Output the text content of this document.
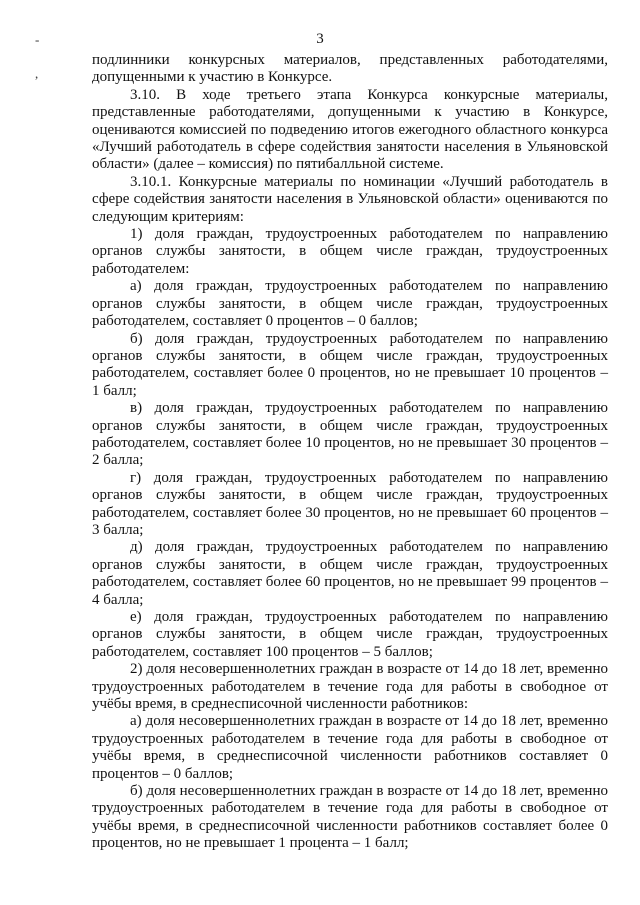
3
-
,

подлинники конкурсных материалов, представленных работодателями, допущенными к участию в Конкурсе.

3.10. В ходе третьего этапа Конкурса конкурсные материалы, представленные работодателями, допущенными к участию в Конкурсе, оцениваются комиссией по подведению итогов ежегодного областного конкурса «Лучший работодатель в сфере содействия занятости населения в Ульяновской области» (далее – комиссия) по пятибалльной системе.

3.10.1. Конкурсные материалы по номинации «Лучший работодатель в сфере содействия занятости населения в Ульяновской области» оцениваются по следующим критериям:

1) доля граждан, трудоустроенных работодателем по направлению органов службы занятости, в общем числе граждан, трудоустроенных работодателем:

а) доля граждан, трудоустроенных работодателем по направлению органов службы занятости, в общем числе граждан, трудоустроенных работодателем, составляет 0 процентов – 0 баллов;

б) доля граждан, трудоустроенных работодателем по направлению органов службы занятости, в общем числе граждан, трудоустроенных работодателем, составляет более 0 процентов, но не превышает 10 процентов – 1 балл;

в) доля граждан, трудоустроенных работодателем по направлению органов службы занятости, в общем числе граждан, трудоустроенных работодателем, составляет более 10 процентов, но не превышает 30 процентов – 2 балла;

г) доля граждан, трудоустроенных работодателем по направлению органов службы занятости, в общем числе граждан, трудоустроенных работодателем, составляет более 30 процентов, но не превышает 60 процентов – 3 балла;

д) доля граждан, трудоустроенных работодателем по направлению органов службы занятости, в общем числе граждан, трудоустроенных работодателем, составляет более 60 процентов, но не превышает 99 процентов – 4 балла;

е) доля граждан, трудоустроенных работодателем по направлению органов службы занятости, в общем числе граждан, трудоустроенных работодателем, составляет 100 процентов – 5 баллов;

2) доля несовершеннолетних граждан в возрасте от 14 до 18 лет, временно трудоустроенных работодателем в течение года для работы в свободное от учёбы время, в среднесписочной численности работников:

а) доля несовершеннолетних граждан в возрасте от 14 до 18 лет, временно трудоустроенных работодателем в течение года для работы в свободное от учёбы время, в среднесписочной численности работников составляет 0 процентов – 0 баллов;

б) доля несовершеннолетних граждан в возрасте от 14 до 18 лет, временно трудоустроенных работодателем в течение года для работы в свободное от учёбы время, в среднесписочной численности работников составляет более 0 процентов, но не превышает 1 процента – 1 балл;
